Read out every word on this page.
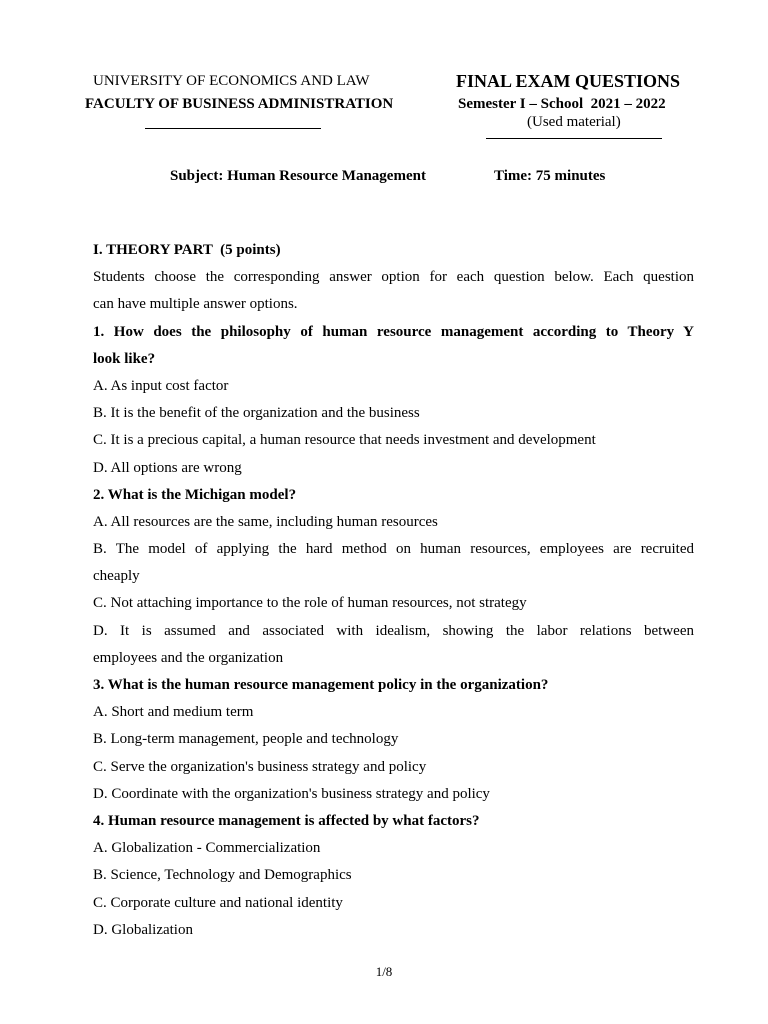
UNIVERSITY OF ECONOMICS AND LAW
FACULTY OF BUSINESS ADMINISTRATION
FINAL EXAM QUESTIONS
Semester I – School  2021 – 2022
(Used material)
Subject: Human Resource Management	Time: 75 minutes
I. THEORY PART  (5 points)
Students choose the corresponding answer option for each question below. Each question
can have multiple answer options.
1. How does the philosophy of human resource management according to Theory Y
look like?
A. As input cost factor
B. It is the benefit of the organization and the business
C. It is a precious capital, a human resource that needs investment and development
D. All options are wrong
2. What is the Michigan model?
A. All resources are the same, including human resources
B. The model of applying the hard method on human resources, employees are recruited
cheaply
C. Not attaching importance to the role of human resources, not strategy
D. It is assumed and associated with idealism, showing the labor relations between
employees and the organization
3. What is the human resource management policy in the organization?
A. Short and medium term
B. Long-term management, people and technology
C. Serve the organization's business strategy and policy
D. Coordinate with the organization's business strategy and policy
4. Human resource management is affected by what factors?
A. Globalization - Commercialization
B. Science, Technology and Demographics
C. Corporate culture and national identity
D. Globalization
1/8
